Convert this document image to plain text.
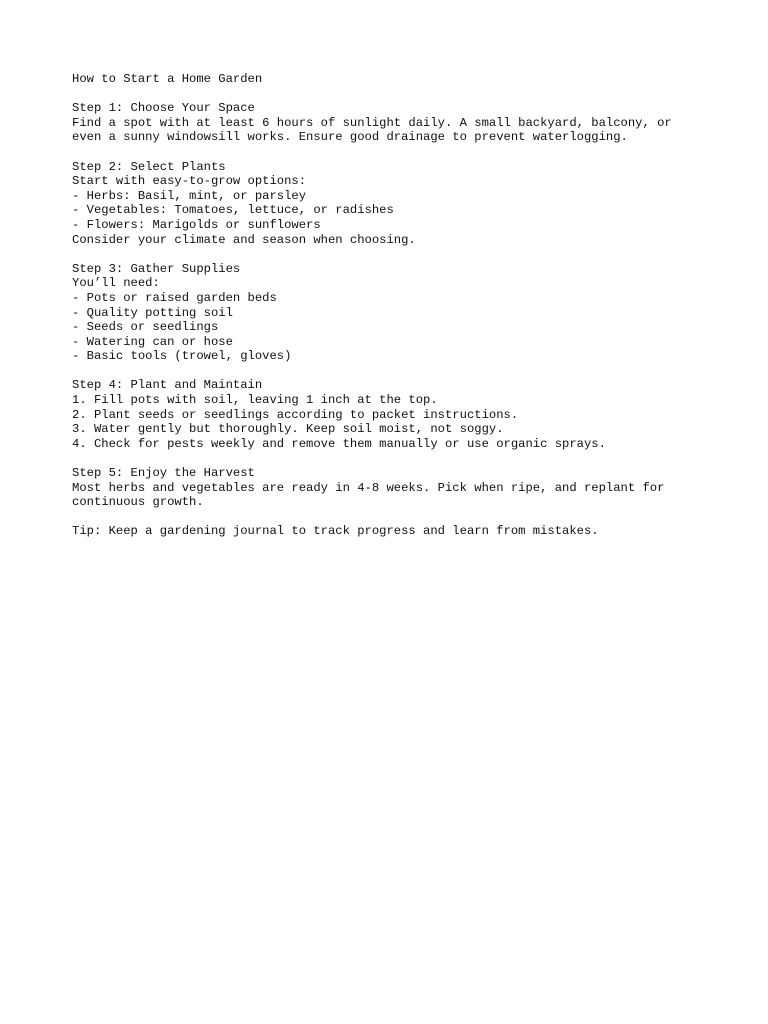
How to Start a Home Garden
Step 1: Choose Your Space
Find a spot with at least 6 hours of sunlight daily. A small backyard, balcony, or
even a sunny windowsill works. Ensure good drainage to prevent waterlogging.
Step 2: Select Plants
Start with easy-to-grow options:
- Herbs: Basil, mint, or parsley
- Vegetables: Tomatoes, lettuce, or radishes
- Flowers: Marigolds or sunflowers
Consider your climate and season when choosing.
Step 3: Gather Supplies
You’ll need:
- Pots or raised garden beds
- Quality potting soil
- Seeds or seedlings
- Watering can or hose
- Basic tools (trowel, gloves)
Step 4: Plant and Maintain
1. Fill pots with soil, leaving 1 inch at the top.
2. Plant seeds or seedlings according to packet instructions.
3. Water gently but thoroughly. Keep soil moist, not soggy.
4. Check for pests weekly and remove them manually or use organic sprays.
Step 5: Enjoy the Harvest
Most herbs and vegetables are ready in 4-8 weeks. Pick when ripe, and replant for
continuous growth.
Tip: Keep a gardening journal to track progress and learn from mistakes.
